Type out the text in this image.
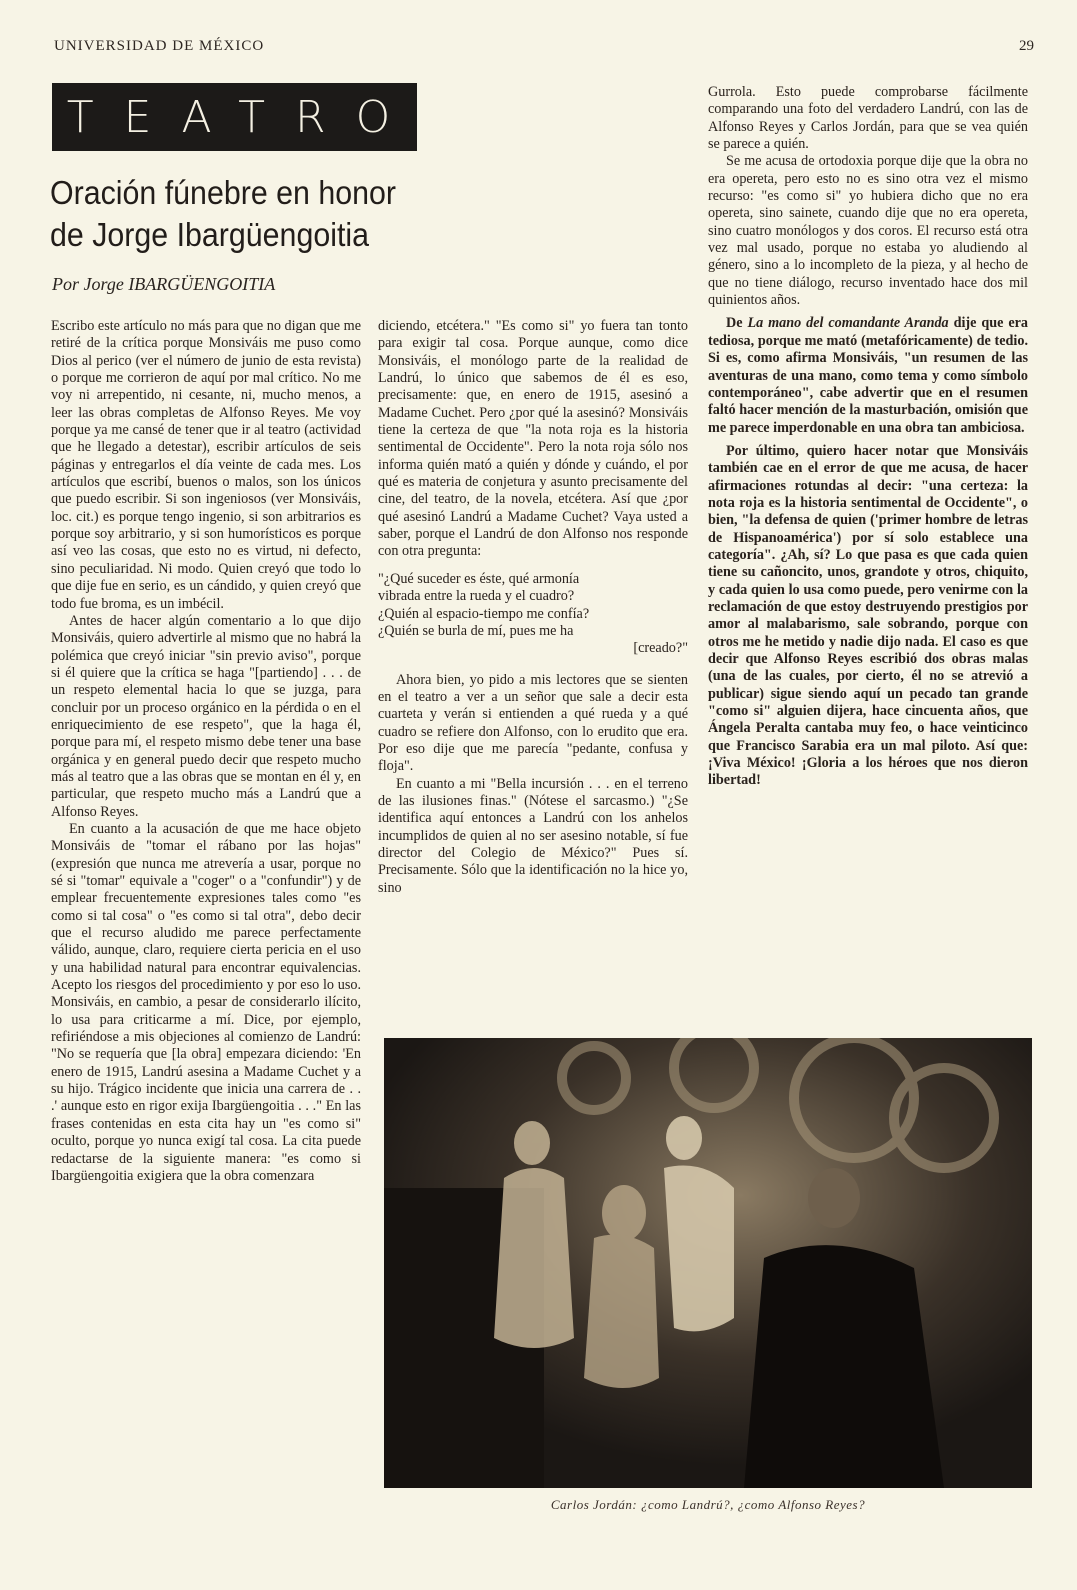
UNIVERSIDAD DE MÉXICO	29
TEATRO
Oración fúnebre en honor
de Jorge Ibargüengoitia
Por Jorge IBARGÜENGOITIA

Escribo este artículo no más para que no digan que me retiré de la crítica porque Monsiváis me puso como Dios al perico (ver el número de junio de esta revista) o porque me corrieron de aquí por mal crítico. No me voy ni arrepentido, ni cesante, ni, mucho menos, a leer las obras completas de Alfonso Reyes. Me voy porque ya me cansé de tener que ir al teatro (actividad que he llegado a detestar), escribir artículos de seis páginas y entregarlos el día veinte de cada mes. Los artículos que escribí, buenos o malos, son los únicos que puedo escribir. Si son ingeniosos (ver Monsiváis, loc. cit.) es porque tengo ingenio, si son arbitrarios es porque soy arbitrario, y si son humorísticos es porque así veo las cosas, que esto no es virtud, ni defecto, sino peculiaridad. Ni modo. Quien creyó que todo lo que dije fue en serio, es un cándido, y quien creyó que todo fue broma, es un imbécil.

Antes de hacer algún comentario a lo que dijo Monsiváis, quiero advertirle al mismo que no habrá la polémica que creyó iniciar "sin previo aviso", porque si él quiere que la crítica se haga "[partiendo] . . . de un respeto elemental hacia lo que se juzga, para concluir por un proceso orgánico en la pérdida o en el enriquecimiento de ese respeto", que la haga él, porque para mí, el respeto mismo debe tener una base orgánica y en general puedo decir que respeto mucho más al teatro que a las obras que se montan en él y, en particular, que respeto mucho más a Landrú que a Alfonso Reyes.

En cuanto a la acusación de que me hace objeto Monsiváis de "tomar el rábano por las hojas" (expresión que nunca me atrevería a usar, porque no sé si "tomar" equivale a "coger" o a "confundir") y de emplear frecuentemente expresiones tales como "es como si tal cosa" o "es como si tal otra", debo decir que el recurso aludido me parece perfectamente válido, aunque, claro, requiere cierta pericia en el uso y una habilidad natural para encontrar equivalencias. Acepto los riesgos del procedimiento y por eso lo uso. Monsiváis, en cambio, a pesar de considerarlo ilícito, lo usa para criticarme a mí. Dice, por ejemplo, refiriéndose a mis objeciones al comienzo de Landrú: "No se requería que [la obra] empezara diciendo: 'En enero de 1915, Landrú asesina a Madame Cuchet y a su hijo. Trágico incidente que inicia una carrera de . . .' aunque esto en rigor exija Ibargüengoitia . . ." En las frases contenidas en esta cita hay un "es como si" oculto, porque yo nunca exigí tal cosa. La cita puede redactarse de la siguiente manera: "es como si Ibargüengoitia exigiera que la obra comenzara

diciendo, etcétera." "Es como si" yo fuera tan tonto para exigir tal cosa. Porque aunque, como dice Monsiváis, el monólogo parte de la realidad de Landrú, lo único que sabemos de él es eso, precisamente: que, en enero de 1915, asesinó a Madame Cuchet. Pero ¿por qué la asesinó? Monsiváis tiene la certeza de que "la nota roja es la historia sentimental de Occidente". Pero la nota roja sólo nos informa quién mató a quién y dónde y cuándo, el por qué es materia de conjetura y asunto precisamente del cine, del teatro, de la novela, etcétera. Así que ¿por qué asesinó Landrú a Madame Cuchet? Vaya usted a saber, porque el Landrú de don Alfonso nos responde con otra pregunta:

"¿Qué suceder es éste, qué armonía
vibrada entre la rueda y el cuadro?
¿Quién al espacio-tiempo me confía?
¿Quién se burla de mí, pues me ha
[creado?"

Ahora bien, yo pido a mis lectores que se sienten en el teatro a ver a un señor que sale a decir esta cuarteta y verán si entienden a qué rueda y a qué cuadro se refiere don Alfonso, con lo erudito que era. Por eso dije que me parecía "pedante, confusa y floja".

En cuanto a mi "Bella incursión . . . en el terreno de las ilusiones finas." (Nótese el sarcasmo.) "¿Se identifica aquí entonces a Landrú con los anhelos incumplidos de quien al no ser asesino notable, sí fue director del Colegio de México?" Pues sí. Precisamente. Sólo que la identificación no la hice yo, sino

Gurrola. Esto puede comprobarse fácilmente comparando una foto del verdadero Landrú, con las de Alfonso Reyes y Carlos Jordán, para que se vea quién se parece a quién.

Se me acusa de ortodoxia porque dije que la obra no era opereta, pero esto no es sino otra vez el mismo recurso: "es como si" yo hubiera dicho que no era opereta, sino sainete, cuando dije que no era opereta, sino cuatro monólogos y dos coros. El recurso está otra vez mal usado, porque no estaba yo aludiendo al género, sino a lo incompleto de la pieza, y al hecho de que no tiene diálogo, recurso inventado hace dos mil quinientos años.

De La mano del comandante Aranda dije que era tediosa, porque me mató (metafóricamente) de tedio. Si es, como afirma Monsiváis, "un resumen de las aventuras de una mano, como tema y como símbolo contemporáneo", cabe advertir que en el resumen faltó hacer mención de la masturbación, omisión que me parece imperdonable en una obra tan ambiciosa.

Por último, quiero hacer notar que Monsiváis también cae en el error de que me acusa, de hacer afirmaciones rotundas al decir: "una certeza: la nota roja es la historia sentimental de Occidente", o bien, "la defensa de quien ('primer hombre de letras de Hispanoamérica') por sí solo establece una categoría". ¿Ah, sí? Lo que pasa es que cada quien tiene su cañoncito, unos, grandote y otros, chiquito, y cada quien lo usa como puede, pero venirme con la reclamación de que estoy destruyendo prestigios por amor al malabarismo, sale sobrando, porque con otros me he metido y nadie dijo nada. El caso es que decir que Alfonso Reyes escribió dos obras malas (una de las cuales, por cierto, él no se atrevió a publicar) sigue siendo aquí un pecado tan grande "como si" alguien dijera, hace cincuenta años, que Ángela Peralta cantaba muy feo, o hace veinticinco que Francisco Sarabia era un mal piloto. Así que: ¡Viva México! ¡Gloria a los héroes que nos dieron libertad!

Carlos Jordán: ¿como Landrú?, ¿como Alfonso Reyes?
